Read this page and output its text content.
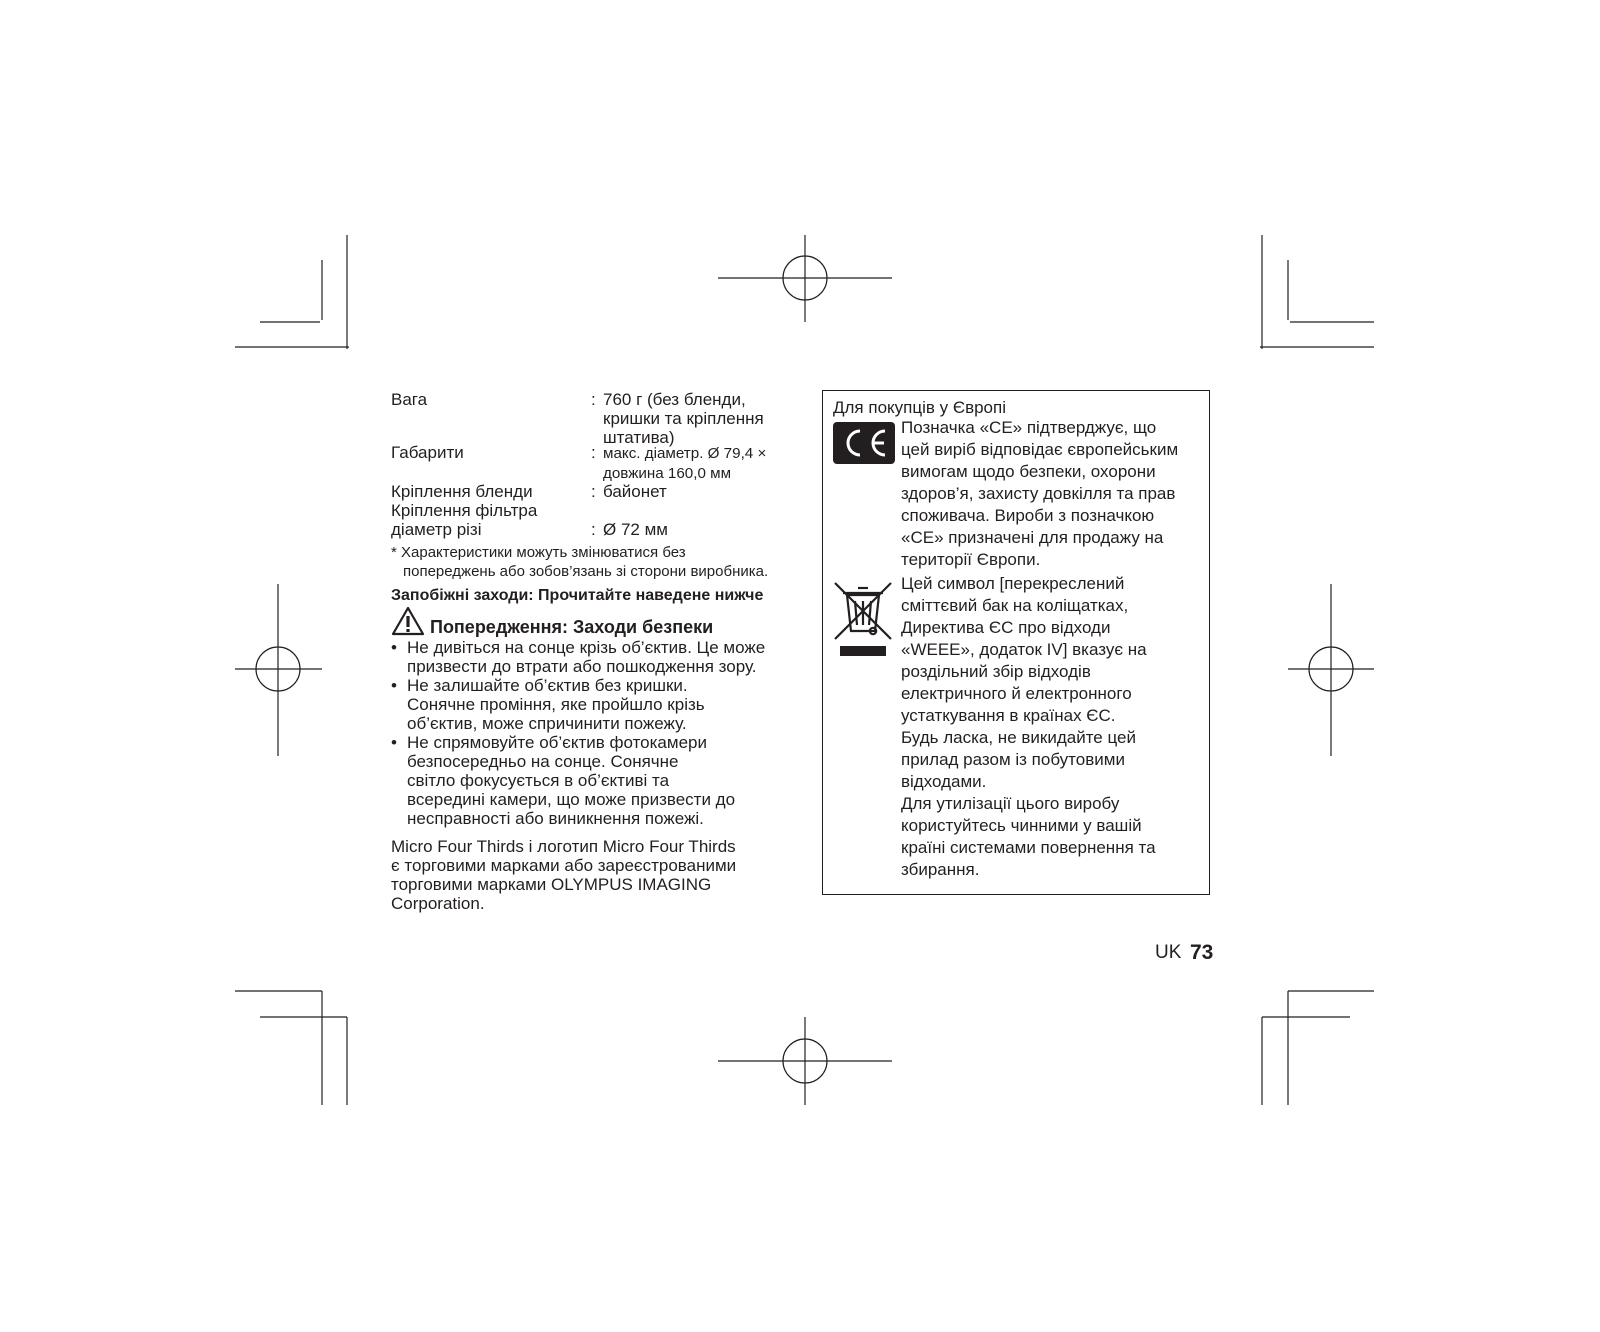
Вага	: 760 г (без бленди,
кришки та кріплення
штатива)
Габарити	: макс. діаметр. Ø 79,4 ×
довжина 160,0 мм
Кріплення бленди	: байонет
Кріплення фільтра
діаметр різі	: Ø 72 мм
* Характеристики можуть змінюватися без
попереджень або зобов’язань зі сторони виробника.
Запобіжні заходи: Прочитайте наведене нижче
Попередження: Заходи безпеки
• Не дивіться на сонце крізь об’єктив. Це може
призвести до втрати або пошкодження зору.
• Не залишайте об’єктив без кришки.
Сонячне проміння, яке пройшло крізь
об’єктив, може спричинити пожежу.
• Не спрямовуйте об’єктив фотокамери
безпосередньо на сонце. Сонячне
світло фокусується в об’єктиві та
всередині камери, що може призвести до
несправності або виникнення пожежі.
Micro Four Thirds і логотип Micro Four Thirds
є торговими марками або зареєстрованими
торговими марками OLYMPUS IMAGING
Corporation.
Для покупців у Європі
Позначка «CE» підтверджує, що
цей виріб відповідає європейським
вимогам щодо безпеки, охорони
здоров’я, захисту довкілля та прав
споживача. Вироби з позначкою
«CE» призначені для продажу на
території Європи.
Цей символ [перекреслений
сміттєвий бак на коліщатках,
Директива ЄС про відходи
«WEEE», додаток IV] вказує на
роздільний збір відходів
електричного й електронного
устаткування в країнах ЄС.
Будь ласка, не викидайте цей
прилад разом із побутовими
відходами.
Для утилізації цього виробу
користуйтесь чинними у вашій
країні системами повернення та
збирання.
UK 73
